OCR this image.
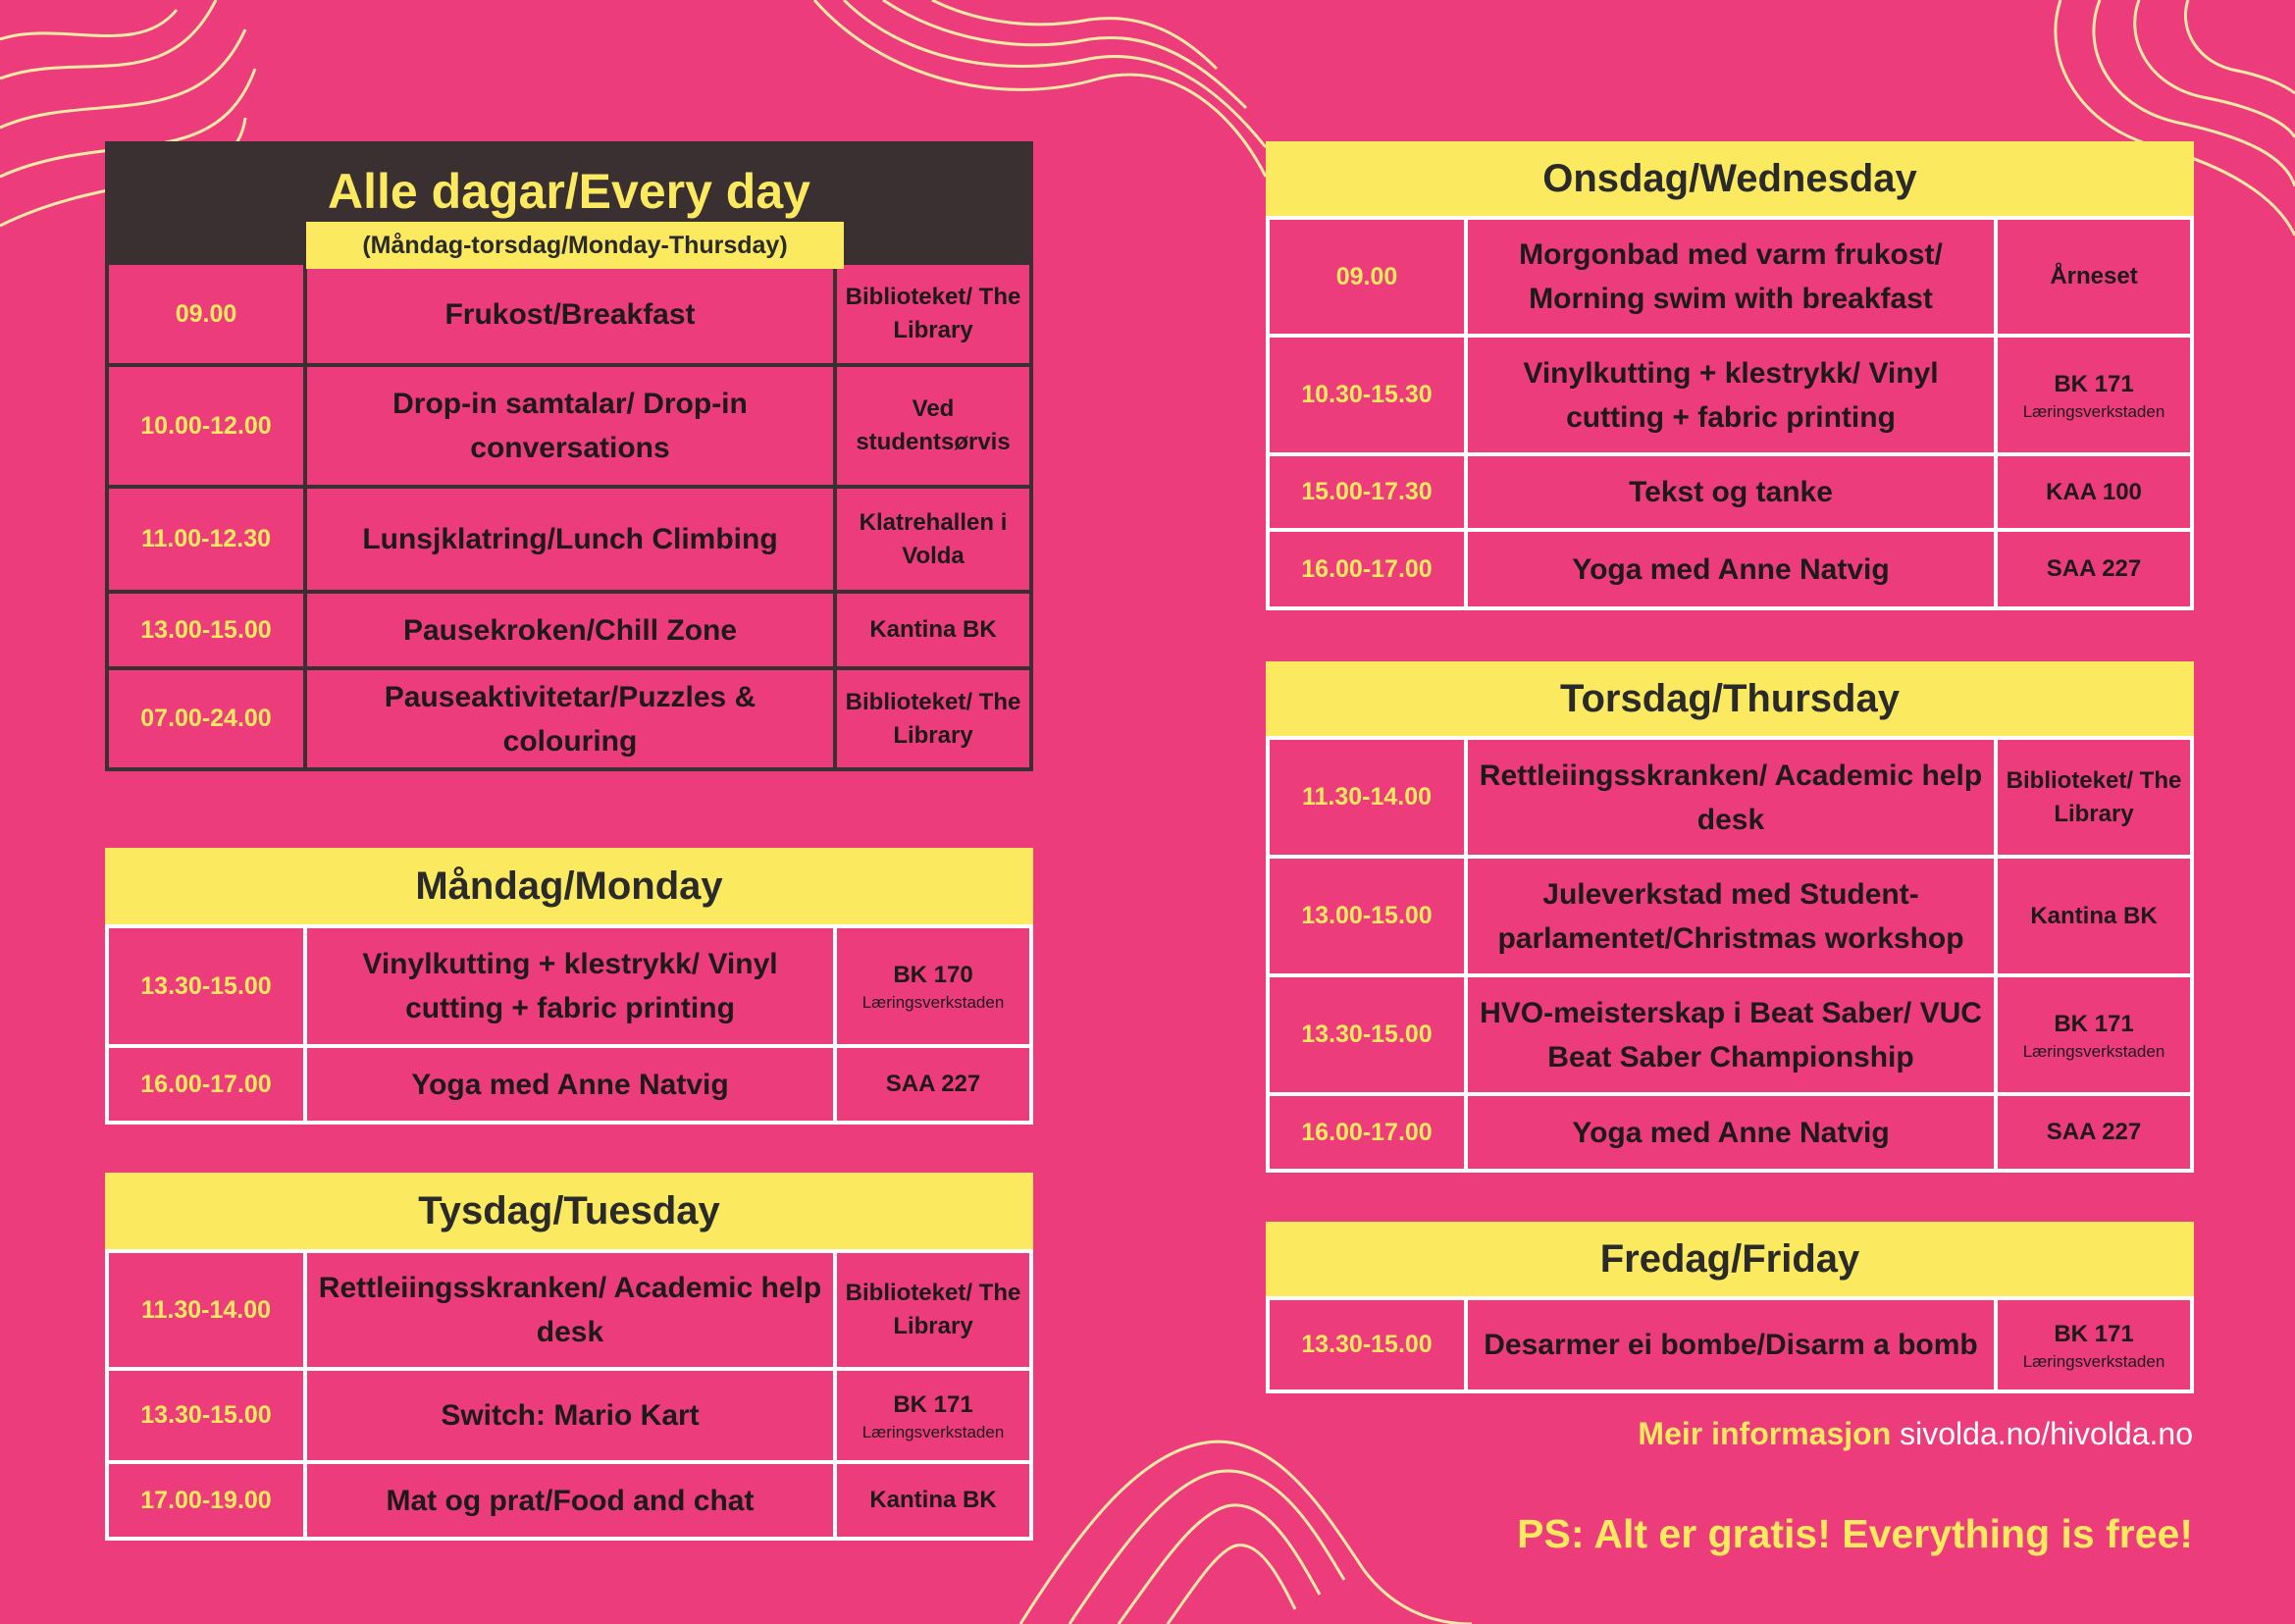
Alle dagar/Every day
(Måndag-torsdag/Monday-Thursday)
09.00	Frukost/Breakfast	Biblioteket/ The Library
10.00-12.00	Drop-in samtalar/ Drop-in conversations	Ved studentsørvis
11.00-12.30	Lunsjklatring/Lunch Climbing	Klatrehallen i Volda
13.00-15.00	Pausekroken/Chill Zone	Kantina BK
07.00-24.00	Pauseaktivitetar/Puzzles & colouring	Biblioteket/ The Library
Måndag/Monday
13.30-15.00	Vinylkutting + klestrykk/ Vinyl cutting + fabric printing	BK 170
Læringsverkstaden

16.00-17.00	Yoga med Anne Natvig	SAA 227
Tysdag/Tuesday
11.30-14.00	Rettleiingsskranken/ Academic help desk	Biblioteket/ The Library
13.30-15.00	Switch: Mario Kart	BK 171
Læringsverkstaden

17.00-19.00	Mat og prat/Food and chat	Kantina BK
Onsdag/Wednesday
09.00	Morgonbad med varm frukost/ Morning swim with breakfast	Årneset
10.30-15.30	Vinylkutting + klestrykk/ Vinyl cutting + fabric printing	BK 171
Læringsverkstaden

15.00-17.30	Tekst og tanke	KAA 100
16.00-17.00	Yoga med Anne Natvig	SAA 227
Torsdag/Thursday
11.30-14.00	Rettleiingsskranken/ Academic help desk	Biblioteket/ The Library
13.00-15.00	Juleverkstad med Student-parlamentet/Christmas workshop	Kantina BK
13.30-15.00	HVO-meisterskap i Beat Saber/ VUC Beat Saber Championship	BK 171
Læringsverkstaden

16.00-17.00	Yoga med Anne Natvig	SAA 227
Fredag/Friday
13.30-15.00	Desarmer ei bombe/Disarm a bomb	BK 171
Læringsverkstaden
Meir informasjon sivolda.no/hivolda.no
PS: Alt er gratis! Everything is free!
